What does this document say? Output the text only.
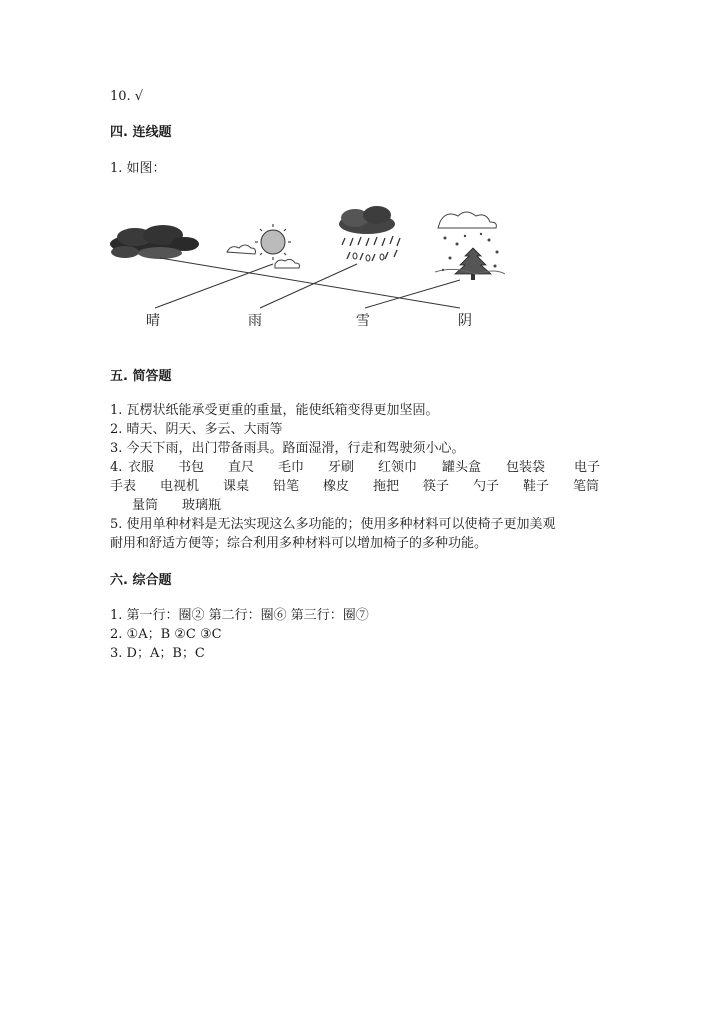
10. √
四. 连线题
1. 如图：
晴	雨	雪	阴
五. 简答题
1. 瓦楞状纸能承受更重的重量，能使纸箱变得更加坚固。
2. 晴天、阴天、多云、大雨等
3. 今天下雨，出门带备雨具。路面湿滑，行走和驾驶须小心。
4. 衣服 书包 直尺 毛巾 牙刷 红领巾 罐头盒 包装袋 电子
手表 电视机 课桌 铅笔 橡皮 拖把 筷子 勺子 鞋子 笔筒
量筒 玻璃瓶
5. 使用单种材料是无法实现这么多功能的；使用多种材料可以使椅子更加美观
耐用和舒适方便等；综合利用多种材料可以增加椅子的多种功能。
六. 综合题
1. 第一行：圈② 第二行：圈⑥ 第三行：圈⑦
2. ①A；B ②C ③C
3. D；A；B；C
